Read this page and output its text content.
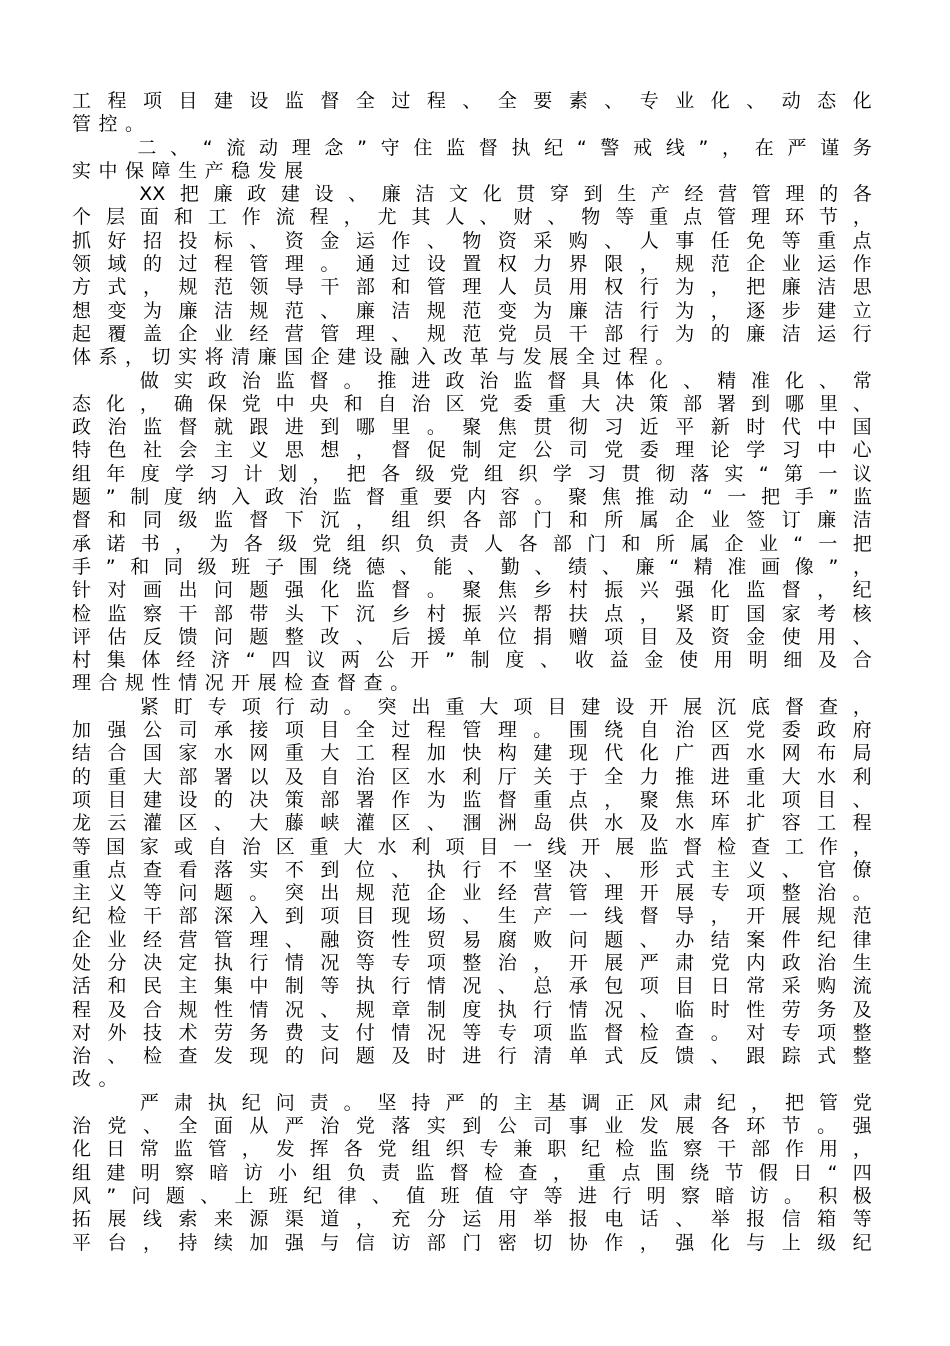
工 程 项 目 建 设 监 督 全 过 程 、 全 要 素 、 专 业 化 、 动 态 化
管 控 。
二 、 “ 流 动 理 念 ” 守 住 监 督 执 纪 “ 警 戒 线 ” ， 在 严 谨 务
实 中 保 障 生 产 稳 发 展
XX 把 廉 政 建 设 、 廉 洁 文 化 贯 穿 到 生 产 经 营 管 理 的 各
个 层 面 和 工 作 流 程 ， 尤 其 人 、 财 、 物 等 重 点 管 理 环 节 ，
抓 好 招 投 标 、 资 金 运 作 、 物 资 采 购 、 人 事 任 免 等 重 点
领 域 的 过 程 管 理 。 通 过 设 置 权 力 界 限 ， 规 范 企 业 运 作
方 式 ， 规 范 领 导 干 部 和 管 理 人 员 用 权 行 为 ， 把 廉 洁 思
想 变 为 廉 洁 规 范 、 廉 洁 规 范 变 为 廉 洁 行 为 ， 逐 步 建 立
起 覆 盖 企 业 经 营 管 理 、 规 范 党 员 干 部 行 为 的 廉 洁 运 行
体 系 ， 切 实 将 清 廉 国 企 建 设 融 入 改 革 与 发 展 全 过 程 。
做 实 政 治 监 督 。 推 进 政 治 监 督 具 体 化 、 精 准 化 、 常
态 化 ， 确 保 党 中 央 和 自 治 区 党 委 重 大 决 策 部 署 到 哪 里 、
政 治 监 督 就 跟 进 到 哪 里 。 聚 焦 贯 彻 习 近 平 新 时 代 中 国
特 色 社 会 主 义 思 想 ， 督 促 制 定 公 司 党 委 理 论 学 习 中 心
组 年 度 学 习 计 划 ， 把 各 级 党 组 织 学 习 贯 彻 落 实 “ 第 一 议
题 ” 制 度 纳 入 政 治 监 督 重 要 内 容 。 聚 焦 推 动 “ 一 把 手 ” 监
督 和 同 级 监 督 下 沉 ， 组 织 各 部 门 和 所 属 企 业 签 订 廉 洁
承 诺 书 ， 为 各 级 党 组 织 负 责 人 各 部 门 和 所 属 企 业 “ 一 把
手 ” 和 同 级 班 子 围 绕 德 、 能 、 勤 、 绩 、 廉 “ 精 准 画 像 ” ，
针 对 画 出 问 题 强 化 监 督 。 聚 焦 乡 村 振 兴 强 化 监 督 ， 纪
检 监 察 干 部 带 头 下 沉 乡 村 振 兴 帮 扶 点 ， 紧 盯 国 家 考 核
评 估 反 馈 问 题 整 改 、 后 援 单 位 捐 赠 项 目 及 资 金 使 用 、
村 集 体 经 济 “ 四 议 两 公 开 ” 制 度 、 收 益 金 使 用 明 细 及 合
理 合 规 性 情 况 开 展 检 查 督 查 。
紧 盯 专 项 行 动 。 突 出 重 大 项 目 建 设 开 展 沉 底 督 查 ，
加 强 公 司 承 接 项 目 全 过 程 管 理 。 围 绕 自 治 区 党 委 政 府
结 合 国 家 水 网 重 大 工 程 加 快 构 建 现 代 化 广 西 水 网 布 局
的 重 大 部 署 以 及 自 治 区 水 利 厅 关 于 全 力 推 进 重 大 水 利
项 目 建 设 的 决 策 部 署 作 为 监 督 重 点 ， 聚 焦 环 北 项 目 、
龙 云 灌 区 、 大 藤 峡 灌 区 、 涠 洲 岛 供 水 及 水 库 扩 容 工 程
等 国 家 或 自 治 区 重 大 水 利 项 目 一 线 开 展 监 督 检 查 工 作 ，
重 点 查 看 落 实 不 到 位 、 执 行 不 坚 决 、 形 式 主 义 、 官 僚
主 义 等 问 题 。 突 出 规 范 企 业 经 营 管 理 开 展 专 项 整 治 。
纪 检 干 部 深 入 到 项 目 现 场 、 生 产 一 线 督 导 ， 开 展 规 范
企 业 经 营 管 理 、 融 资 性 贸 易 腐 败 问 题 、 办 结 案 件 纪 律
处 分 决 定 执 行 情 况 等 专 项 整 治 ， 开 展 严 肃 党 内 政 治 生
活 和 民 主 集 中 制 等 执 行 情 况 、 总 承 包 项 目 日 常 采 购 流
程 及 合 规 性 情 况 、 规 章 制 度 执 行 情 况 、 临 时 性 劳 务 及
对 外 技 术 劳 务 费 支 付 情 况 等 专 项 监 督 检 查 。 对 专 项 整
治 、 检 查 发 现 的 问 题 及 时 进 行 清 单 式 反 馈 、 跟 踪 式 整
改 。
严 肃 执 纪 问 责 。 坚 持 严 的 主 基 调 正 风 肃 纪 ， 把 管 党
治 党 、 全 面 从 严 治 党 落 实 到 公 司 事 业 发 展 各 环 节 。 强
化 日 常 监 管 ， 发 挥 各 党 组 织 专 兼 职 纪 检 监 察 干 部 作 用 ，
组 建 明 察 暗 访 小 组 负 责 监 督 检 查 ， 重 点 围 绕 节 假 日 “ 四
风 ” 问 题 、 上 班 纪 律 、 值 班 值 守 等 进 行 明 察 暗 访 。 积 极
拓 展 线 索 来 源 渠 道 ， 充 分 运 用 举 报 电 话 、 举 报 信 箱 等
平 台 ， 持 续 加 强 与 信 访 部 门 密 切 协 作 ， 强 化 与 上 级 纪
